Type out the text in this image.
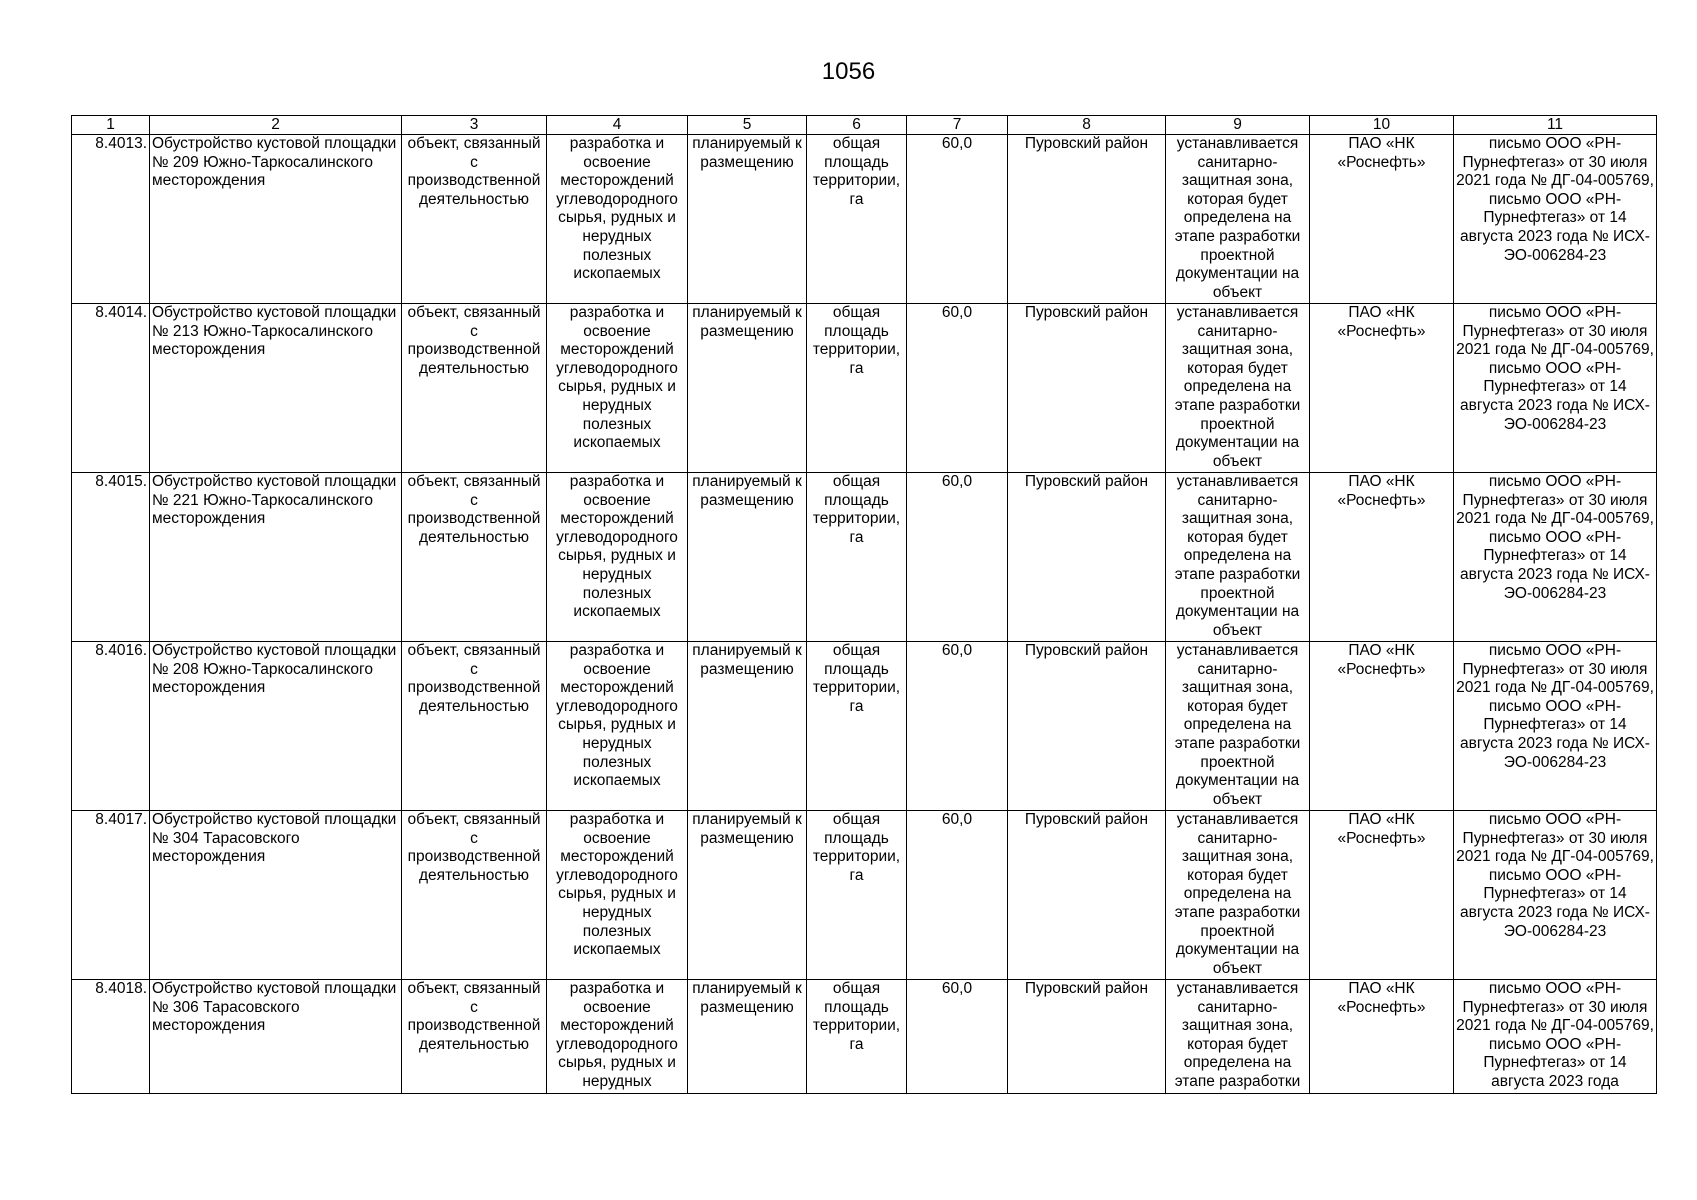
1056
1	2	3	4	5	6	7	8	9	10	11
8.4013.	Обустройство кустовой площадки № 209 Южно-Таркосалинского месторождения	объект, связанный с производственной деятельностью	разработка и освоение месторождений углеводородного сырья, рудных и нерудных полезных ископаемых	планируемый к размещению	общая площадь территории, га	60,0	Пуровский район	устанавливается санитарно-защитная зона, которая будет определена на этапе разработки проектной документации на объект	ПАО «НК «Роснефть»	письмо ООО «РН-Пурнефтегаз» от 30 июля 2021 года № ДГ-04-005769, письмо ООО «РН-Пурнефтегаз» от 14 августа 2023 года № ИСХ-ЭО-006284-23
8.4014.	Обустройство кустовой площадки № 213 Южно-Таркосалинского месторождения	объект, связанный с производственной деятельностью	разработка и освоение месторождений углеводородного сырья, рудных и нерудных полезных ископаемых	планируемый к размещению	общая площадь территории, га	60,0	Пуровский район	устанавливается санитарно-защитная зона, которая будет определена на этапе разработки проектной документации на объект	ПАО «НК «Роснефть»	письмо ООО «РН-Пурнефтегаз» от 30 июля 2021 года № ДГ-04-005769, письмо ООО «РН-Пурнефтегаз» от 14 августа 2023 года № ИСХ-ЭО-006284-23
8.4015.	Обустройство кустовой площадки № 221 Южно-Таркосалинского месторождения	объект, связанный с производственной деятельностью	разработка и освоение месторождений углеводородного сырья, рудных и нерудных полезных ископаемых	планируемый к размещению	общая площадь территории, га	60,0	Пуровский район	устанавливается санитарно-защитная зона, которая будет определена на этапе разработки проектной документации на объект	ПАО «НК «Роснефть»	письмо ООО «РН-Пурнефтегаз» от 30 июля 2021 года № ДГ-04-005769, письмо ООО «РН-Пурнефтегаз» от 14 августа 2023 года № ИСХ-ЭО-006284-23
8.4016.	Обустройство кустовой площадки № 208 Южно-Таркосалинского месторождения	объект, связанный с производственной деятельностью	разработка и освоение месторождений углеводородного сырья, рудных и нерудных полезных ископаемых	планируемый к размещению	общая площадь территории, га	60,0	Пуровский район	устанавливается санитарно-защитная зона, которая будет определена на этапе разработки проектной документации на объект	ПАО «НК «Роснефть»	письмо ООО «РН-Пурнефтегаз» от 30 июля 2021 года № ДГ-04-005769, письмо ООО «РН-Пурнефтегаз» от 14 августа 2023 года № ИСХ-ЭО-006284-23
8.4017.	Обустройство кустовой площадки № 304 Тарасовского месторождения	объект, связанный с производственной деятельностью	разработка и освоение месторождений углеводородного сырья, рудных и нерудных полезных ископаемых	планируемый к размещению	общая площадь территории, га	60,0	Пуровский район	устанавливается санитарно-защитная зона, которая будет определена на этапе разработки проектной документации на объект	ПАО «НК «Роснефть»	письмо ООО «РН-Пурнефтегаз» от 30 июля 2021 года № ДГ-04-005769, письмо ООО «РН-Пурнефтегаз» от 14 августа 2023 года № ИСХ-ЭО-006284-23
8.4018.	Обустройство кустовой площадки № 306 Тарасовского месторождения	объект, связанный с производственной деятельностью	разработка и освоение месторождений углеводородного сырья, рудных и нерудных	планируемый к размещению	общая площадь территории, га	60,0	Пуровский район	устанавливается санитарно-защитная зона, которая будет определена на этапе разработки	ПАО «НК «Роснефть»	письмо ООО «РН-Пурнефтегаз» от 30 июля 2021 года № ДГ-04-005769, письмо ООО «РН-Пурнефтегаз» от 14 августа 2023 года
